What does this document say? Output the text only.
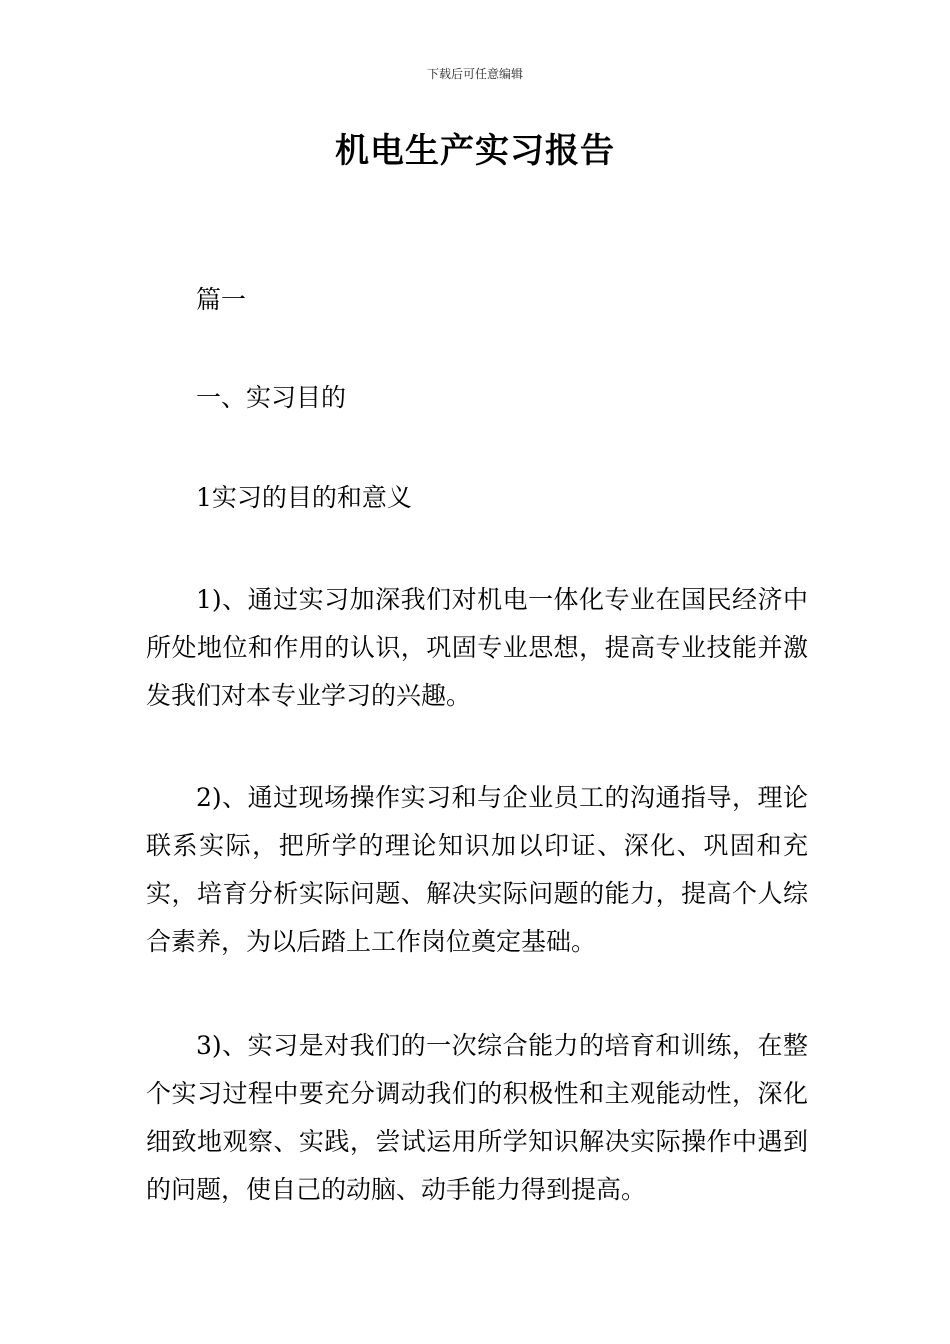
下载后可任意编辑
机电生产实习报告
篇一
一、实习目的
1实习的目的和意义
1)、通过实习加深我们对机电一体化专业在国民经济中所处地位和作用的认识，巩固专业思想，提高专业技能并激发我们对本专业学习的兴趣。
2)、通过现场操作实习和与企业员工的沟通指导，理论联系实际，把所学的理论知识加以印证、深化、巩固和充实，培育分析实际问题、解决实际问题的能力，提高个人综合素养，为以后踏上工作岗位奠定基础。
3)、实习是对我们的一次综合能力的培育和训练，在整个实习过程中要充分调动我们的积极性和主观能动性，深化细致地观察、实践，尝试运用所学知识解决实际操作中遇到的问题，使自己的动脑、动手能力得到提高。
